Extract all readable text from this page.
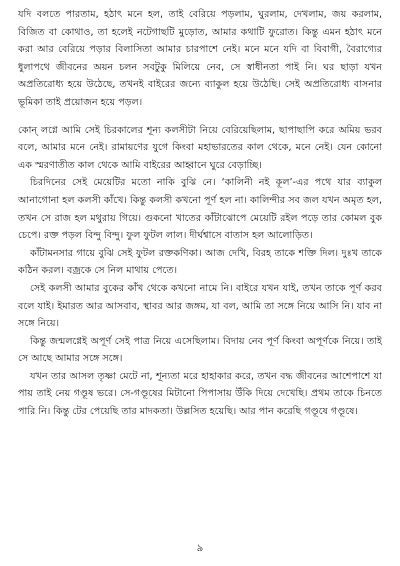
যদি বলতে পারতাম, হঠাৎ মনে হল, তাই বেরিয়ে পড়লাম, ঘুরলাম, দেখলাম, জয় করলাম, বিজিত বা কোথাও, তা হলেই নটেগাছটি মুড়োত, আমার কথাটি ফুরোত। কিন্তু এমন হঠাৎ মনে করা আর বেরিয়ে পড়ার বিলাসিতা আমার চারপাশে নেই। মনে মনে যদি বা বিবাগী, বৈরাগ্যের ধুলাপথে জীবনের অয়ন চলন সবটুকু মিলিয়ে নেব, সে স্বাধীনতা পাই নি। ঘর ছাড়া যখন অপ্রতিরোধ্য হয়ে উঠেছে, তখনই বাইরের জন্যে ব্যাকুল হয়ে উঠেছি। সেই অপ্রতিরোধ্য বাসনার ভূমিকা তাই প্রয়োজন হয়ে পড়ল।

কোন্ লগ্নে আমি সেই চিরকালের শূন্য কলসীটা নিয়ে বেরিয়েছিলাম, ছাপাছাপি করে অমিয় ভরব বলে, আমার মনে নেই। রামায়ণের যুগে কিংবা মহাভারতের কাল থেকে, মনে নেই। যেন কোনো এক স্মরণাতীত কাল থেকে আমি বাইরের আহ্বানে ঘুরে বেড়াচ্ছি।

চিরদিনের সেই মেয়েটির মতো নাকি বুঝি নে। ‘কালিনী নই কূল’-এর পথে যার ব্যাকুল আনাগোনা হল কলসী কাঁখে। কিন্তু কলসী কখনো পূর্ণ হল না। কালিন্দীর সব জল যখন অমৃত হল, তখন সে রাজ হল মথুরায় গিয়ে। গুকনো খাতের কাঁটাঝোপে মেয়েটি রইল পড়ে তার কোমল বুক চেপে। রক্ত পড়ল বিন্দু বিন্দু। ফুল ফুটল লাল। দীর্ঘশ্বাসে বাতাস হল আলোড়িত।

কাঁটামনসার গায়ে বুঝি সেই ফুটল রক্তকণিকা। আজ দেখি, বিরহ তাকে শক্তি দিল। দুঃখ তাকে কঠিন করল। বজ্রকে সে নিল মাথায় পেতে।

সেই কলসী আমার বুকের কাঁখ থেকে কখনো নামে নি। বাইরে যখন যাই, তখন তাকে পূর্ণ করব বলে যাই। ইমারত আর আসবাব, স্থাবর আর জঙ্গম, যা বল, আমি তা সঙ্গে নিয়ে আসি নি। যাব না সঙ্গে নিয়ে।

কিন্তু জন্মলগ্নেই অপূর্ণ সেই পাত্র নিয়ে এসেছিলাম। বিদায় নেব পূর্ণ কিংবা অপূর্ণকে নিয়ে। তাই সে আছে আমার সঙ্গে সঙ্গে।

যখন তার আসল তৃষ্ণা মেটে না, শূন্যতা মরে হাহাকার করে, তখন বদ্ধ জীবনের আশেপাশে যা পায় তাই নেয় গণ্ডূষ ভরে। সে-গণ্ডূষের মিটানো পিপাসায় উঁকি দিয়ে দেখেছি। প্রথম তাকে চিনতে পারি নি। কিন্তু টের পেয়েছি তার মাদকতা। উল্লসিত হয়েছি। আর পান করেছি গণ্ডূষে গণ্ডূষে।

৯
